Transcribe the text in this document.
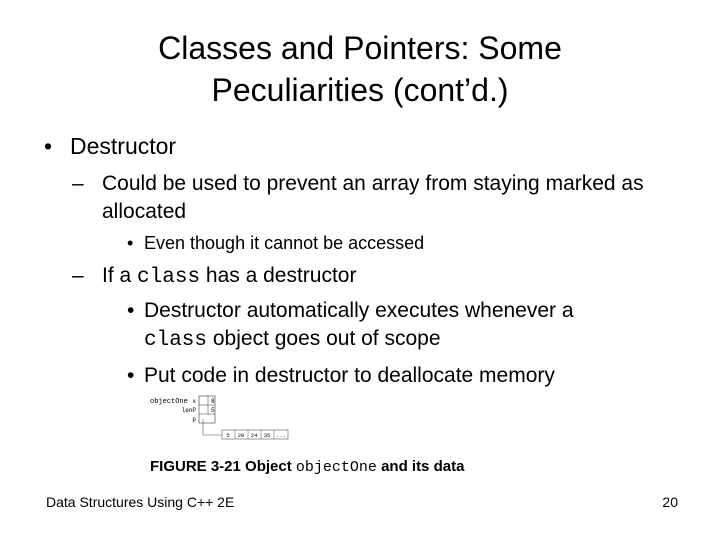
Classes and Pointers: Some
Peculiarities (cont’d.)
• Destructor
– Could be used to prevent an array from staying marked as allocated
• Even though it cannot be accessed
– If a class has a destructor
• Destructor automatically executes whenever a
class object goes out of scope
• Put code in destructor to deallocate memory
objectOne x
lenP
p
8
5
5 20 24 35 ...
FIGURE 3-21 Object objectOne and its data
Data Structures Using C++ 2E	20
